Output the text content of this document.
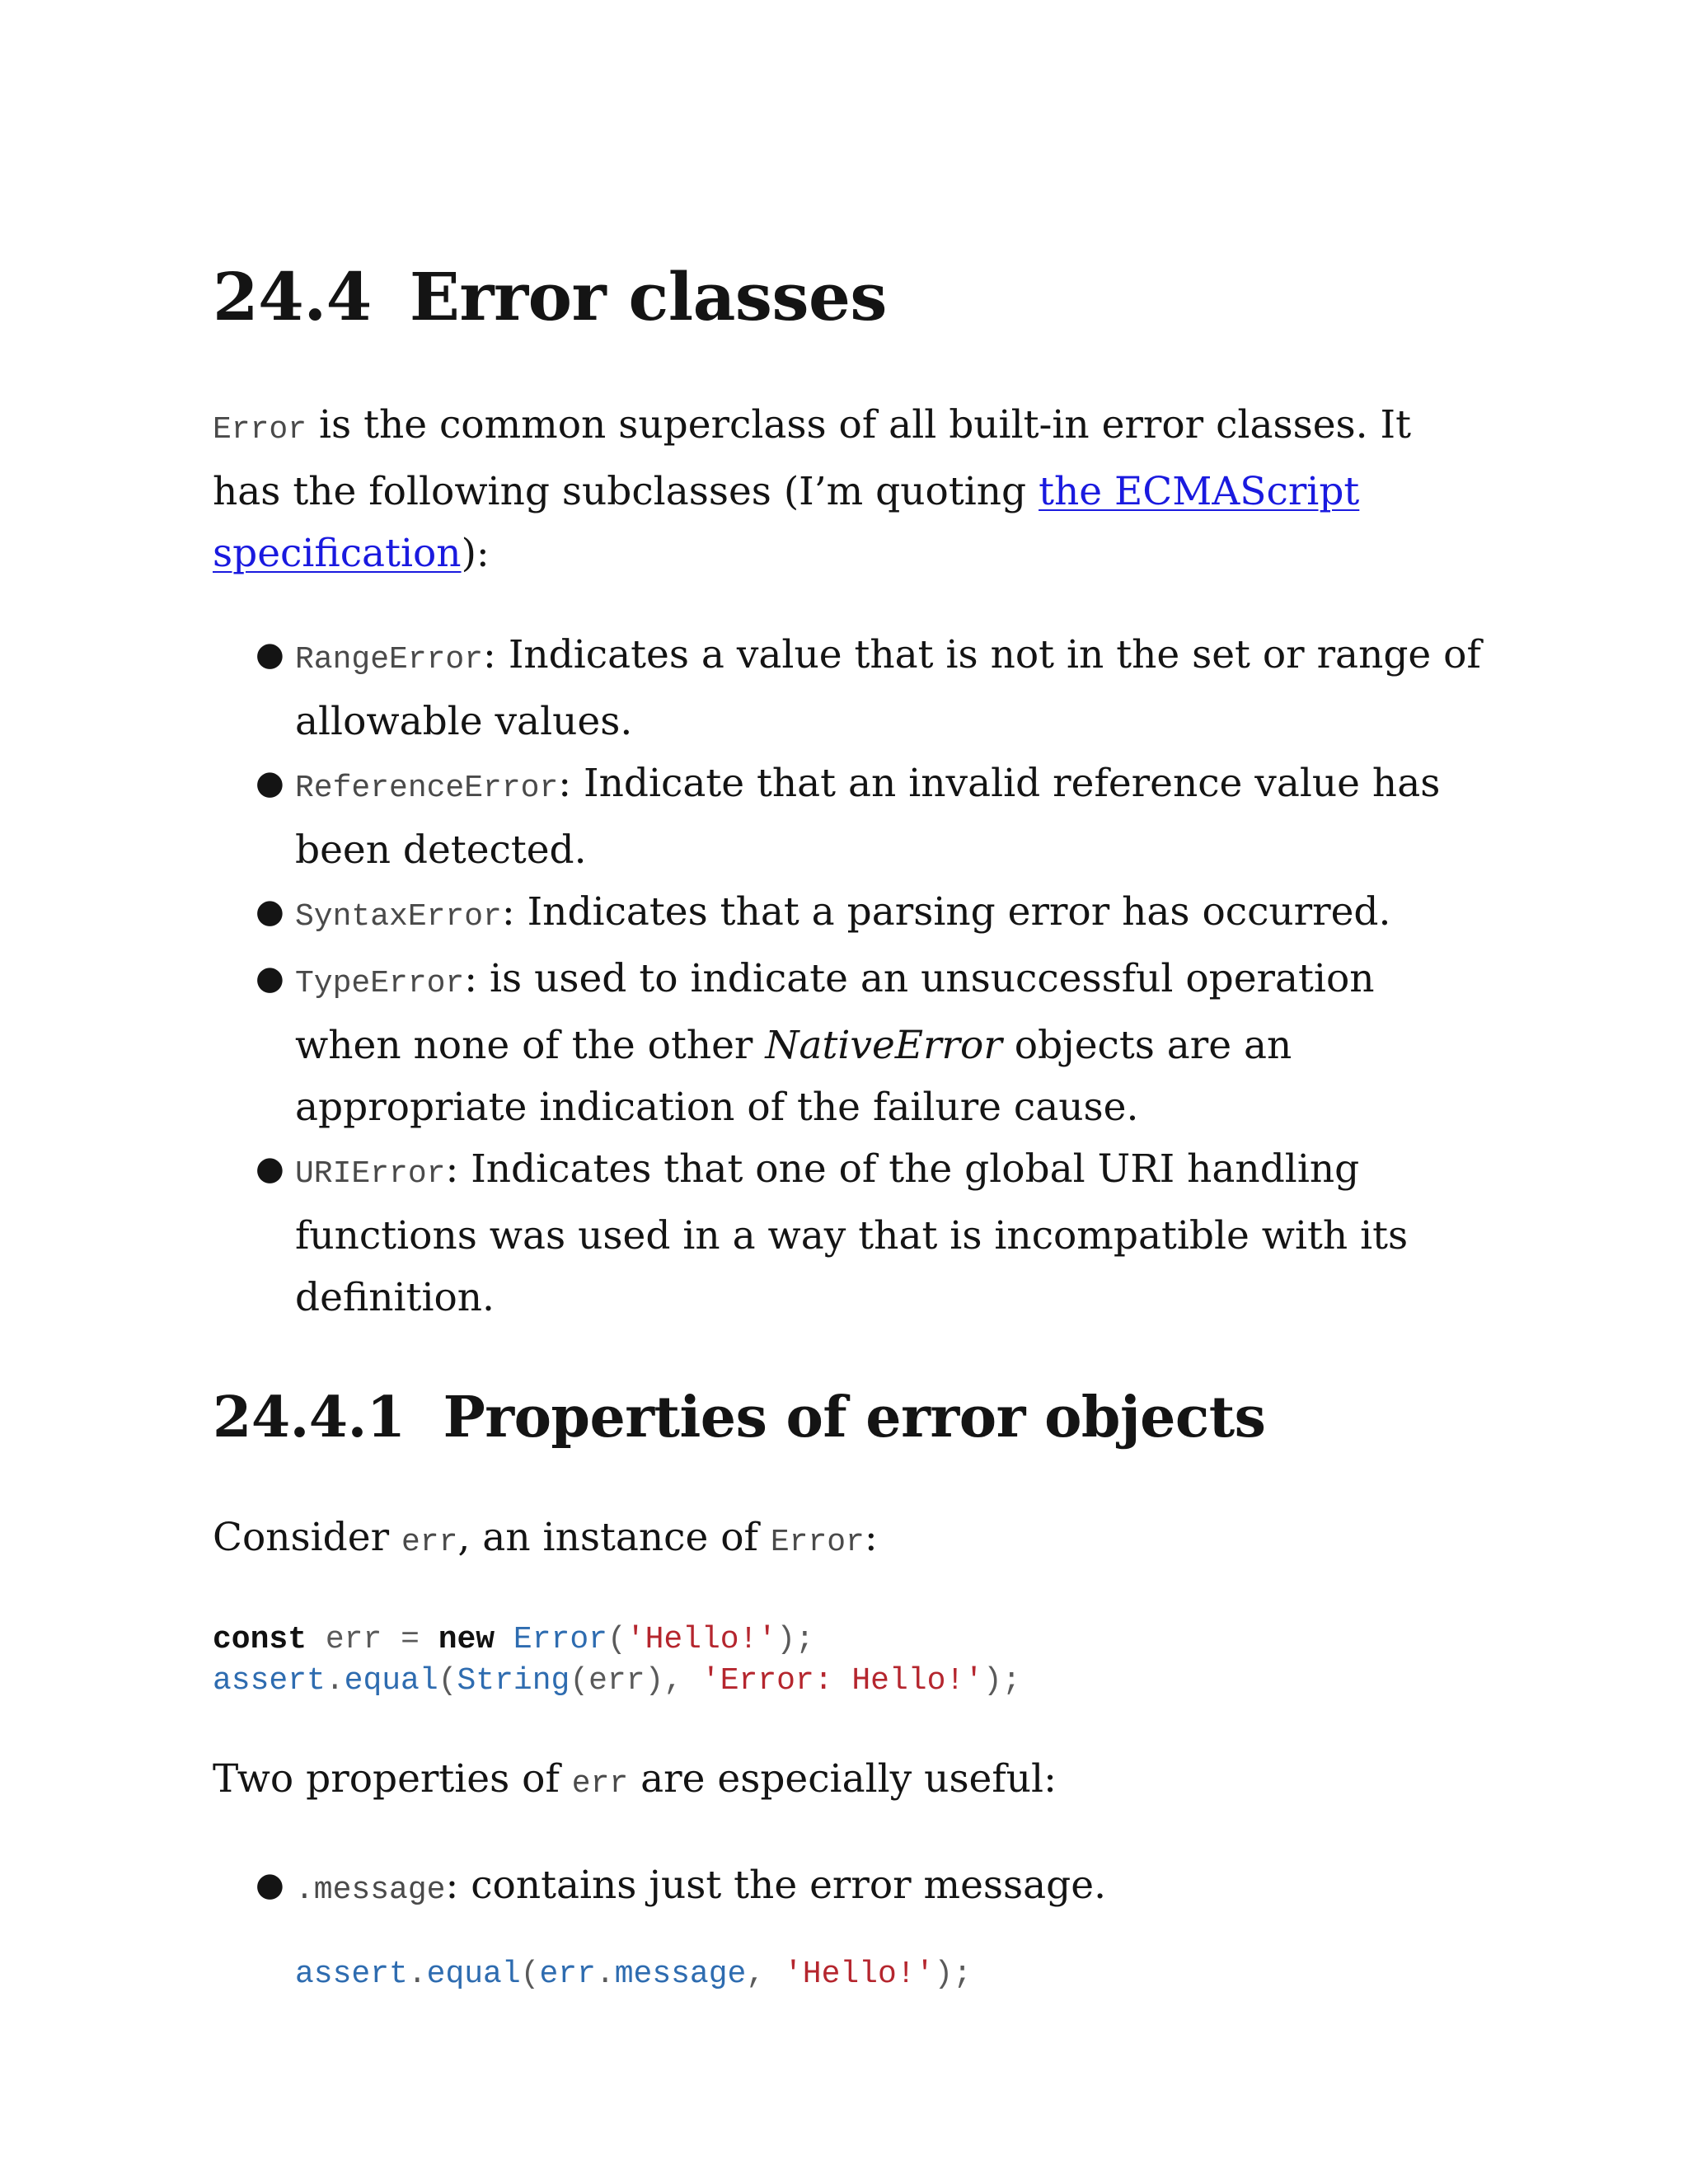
24.4 Error classes

Error is the common superclass of all built-in error classes. It has the following subclasses (I’m quoting the ECMAScript specification):

● RangeError: Indicates a value that is not in the set or range of allowable values.
● ReferenceError: Indicate that an invalid reference value has been detected.
● SyntaxError: Indicates that a parsing error has occurred.
● TypeError: is used to indicate an unsuccessful operation when none of the other NativeError objects are an appropriate indication of the failure cause.
● URIError: Indicates that one of the global URI handling functions was used in a way that is incompatible with its definition.
24.4.1 Properties of error objects

Consider err, an instance of Error:

const err = new Error('Hello!');
assert.equal(String(err), 'Error: Hello!');

Two properties of err are especially useful:

● .message: contains just the error message.
assert.equal(err.message, 'Hello!');
